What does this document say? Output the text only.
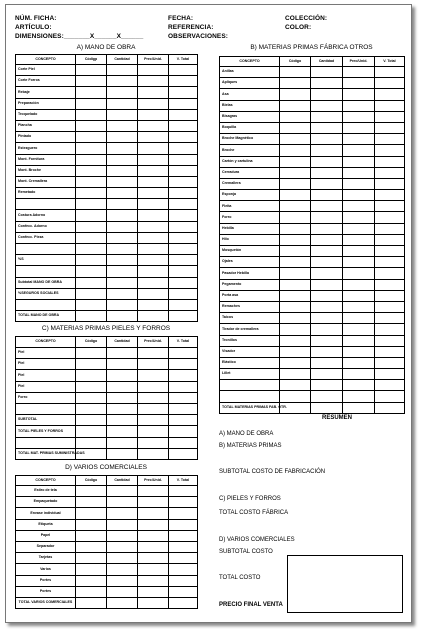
NÚM. FICHA:
ARTÍCULO:
DIMENSIONES:_______X______X______
FECHA:
REFERENCIA:
OBSERVACIONES:
COLECCIÓN:
COLOR:
A) MANO DE OBRA
CONCEPTO	Códigp	Cantidad	Prec/Unid.	V. Total
Corte Piel				
Corte Forros				
Rebaje				
Preparación				
Troquelado				
Plancha				
Pintado				
Estezguero				
Mont. Fornitura				
Mont. Broche				
Mont. Cremallera				
Remetado				

Costura Adorno				
Confecc. Adorno				
Confecc. Pieza				

%S				

Subtotal MANO DE OBRA				
%SEGUROS SOCIALES				

TOTAL MANO DE OBRA				
C) MATERIAS PRIMAS PIELES Y FORROS
CONCEPTO	Código	Cantidad	Prec/Unid.	V. Total
Piel				
Piel				
Piel				
Piel				
Forro				

SUBTOTAL				
TOTAL PIELES Y FORROS				

TOTAL MAT. PRIMAS SUMINISTRADAS				
D) VARIOS COMERCIALES
CONCEPTO	Código	Cantidad	Prec/Unid.	V. Total
Estiro de tela				
Empaquetado				
Envase individual				
Etiqueta				
Papel				
Separador				
Tarjetas				
Varios				
Portes				
Portes				
TOTAL VARIOS COMERCIALES				
B) MATERIAS PRIMAS FÁBRICA OTROS
CONCEPTO	Código	Cantidad	Prec/Unid.	V. Total
Anillas				
Apliques				
Asa				
Bielas				
Bisagras				
Boquilla				
Broche Magnético				
Broche				
Cartón y cartulina				
Cerradura				
Cremallera				
Esponja				
Fleita				
Forro				
Hebilla				
Hilo				
Mosquetón				
Ojales				
Pasador Hebilla				
Pegamento				
Porta asa				
Remaches				
Taicos				
Tirador de cremallera				
Tronillos				
Visador				
Elástico				
Lillet				

TOTAL MATERIAS PRIMAS FAB. OTR.				
RESUMEN
A) MANO DE OBRA
B) MATERIAS PRIMAS
SUBTOTAL COSTO DE FABRICACIÓN
C) PIELES Y FORROS
TOTAL COSTO FÁBRICA
D) VARIOS COMERCIALES
SUBTOTAL COSTO
TOTAL COSTO
PRECIO FINAL VENTA
